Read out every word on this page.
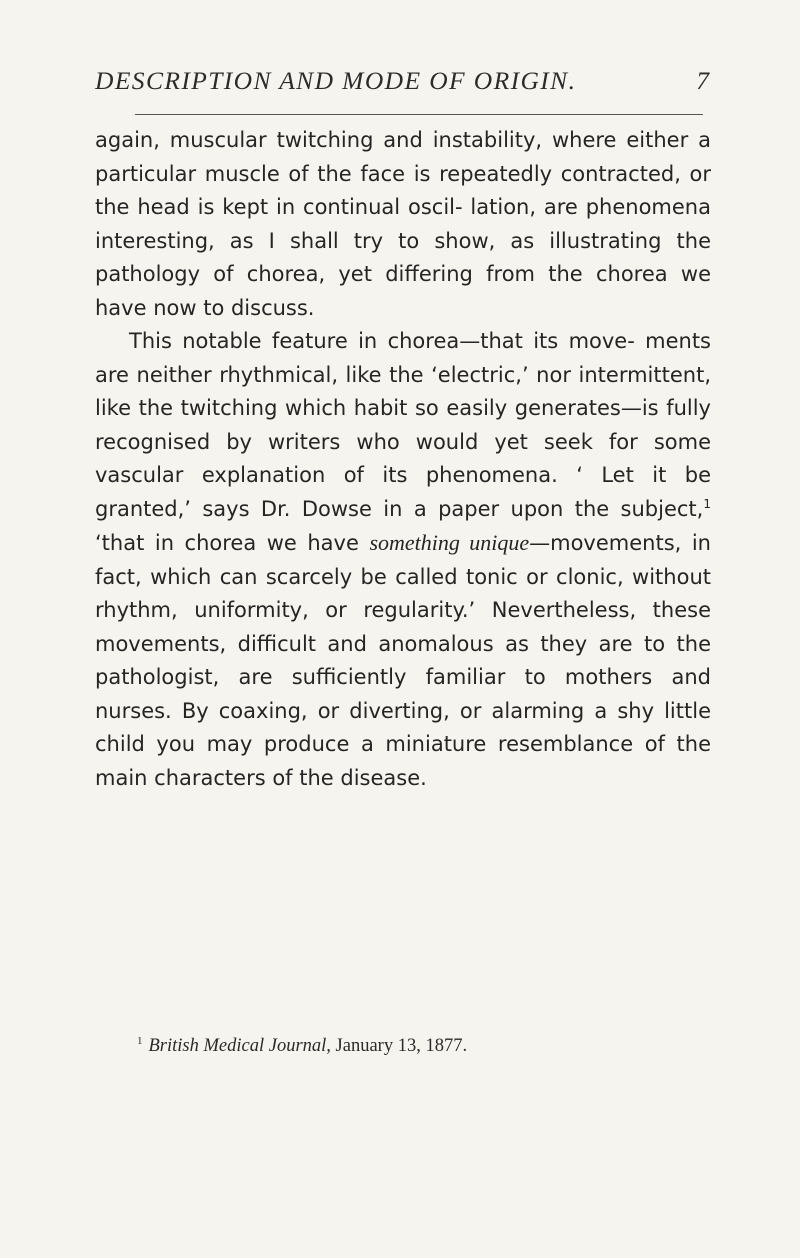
DESCRIPTION AND MODE OF ORIGIN.	7

again, muscular twitching and instability, where either a particular muscle of the face is repeatedly contracted, or the head is kept in continual oscil- lation, are phenomena interesting, as I shall try to show, as illustrating the pathology of chorea, yet differing from the chorea we have now to discuss.

This notable feature in chorea—that its move- ments are neither rhythmical, like the ‘electric,’ nor intermittent, like the twitching which habit so easily generates—is fully recognised by writers who would yet seek for some vascular explanation of its phenomena. ‘ Let it be granted,’ says Dr. Dowse in a paper upon the subject,$^1$ ‘that in chorea we have something unique—movements, in fact, which can scarcely be called tonic or clonic, without rhythm, uniformity, or regularity.’ Nevertheless, these movements, difficult and anomalous as they are to the pathologist, are sufficiently familiar to mothers and nurses. By coaxing, or diverting, or alarming a shy little child you may produce a miniature resemblance of the main characters of the disease.

$^1$ British Medical Journal, January 13, 1877.
